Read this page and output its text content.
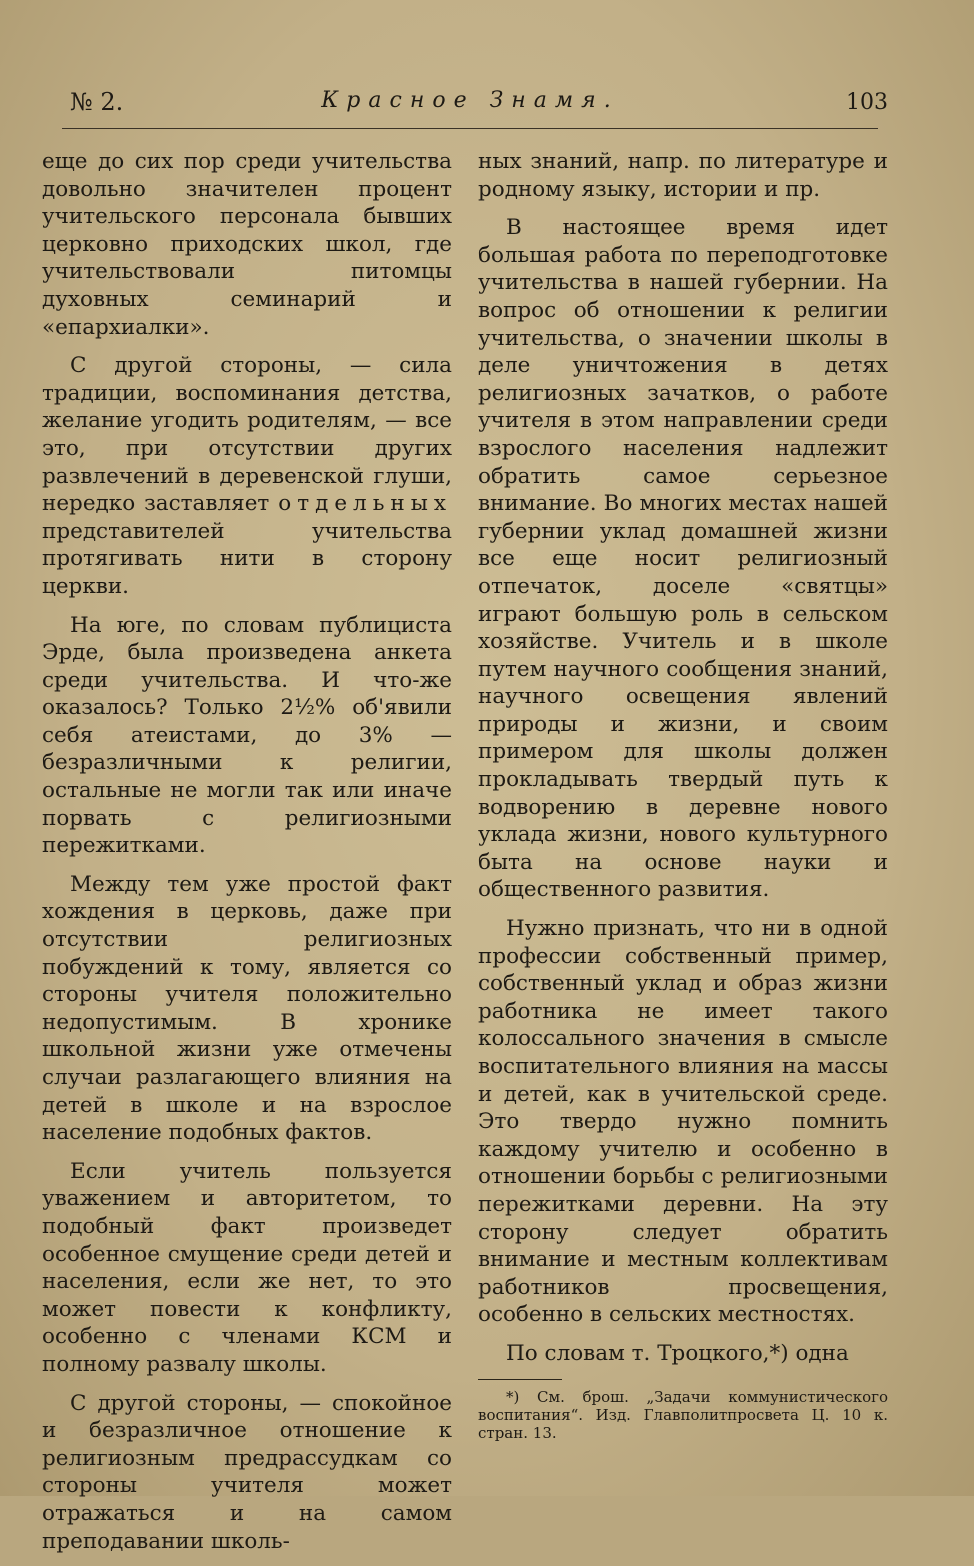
№ 2.	Красное Знамя.	103

еще до сих пор среди учительства довольно значителен процент учительского персонала бывших церковно приходских школ, где учительствовали питомцы духовных семинарий и «епархиалки».

С другой стороны, — сила традиции, воспоминания детства, желание угодить родителям, — все это, при отсутствии других развлечений в деревенской глуши, нередко заставляет отдельных представителей учительства протягивать нити в сторону церкви.

На юге, по словам публициста Эрде, была произведена анкета среди учительства. И что-же оказалось? Только 2½% об'явили себя атеистами, до 3% — безразличными к религии, остальные не могли так или иначе порвать с религиозными пережитками.

Между тем уже простой факт хождения в церковь, даже при отсутствии религиозных побуждений к тому, является со стороны учителя положительно недопустимым. В хронике школьной жизни уже отмечены случаи разлагающего влияния на детей в школе и на взрослое население подобных фактов.

Если учитель пользуется уважением и авторитетом, то подобный факт произведет особенное смущение среди детей и населения, если же нет, то это может повести к конфликту, особенно с членами КСМ и полному развалу школы.

С другой стороны, — спокойное и безразличное отношение к религиозным предрассудкам со стороны учителя может отражаться и на самом преподавании школь-

ных знаний, напр. по литературе и родному языку, истории и пр.

В настоящее время идет большая работа по переподготовке учительства в нашей губернии. На вопрос об отношении к религии учительства, о значении школы в деле уничтожения в детях религиозных зачатков, о работе учителя в этом направлении среди взрослого населения надлежит обратить самое серьезное внимание. Во многих местах нашей губернии уклад домашней жизни все еще носит религиозный отпечаток, доселе «святцы» играют большую роль в сельском хозяйстве. Учитель и в школе путем научного сообщения знаний, научного освещения явлений природы и жизни, и своим примером для школы должен прокладывать твердый путь к водворению в деревне нового уклада жизни, нового культурного быта на основе науки и общественного развития.

Нужно признать, что ни в одной профессии собственный пример, собственный уклад и образ жизни работника не имеет такого колоссального значения в смысле воспитательного влияния на массы и детей, как в учительской среде. Это твердо нужно помнить каждому учителю и особенно в отношении борьбы с религиозными пережитками деревни. На эту сторону следует обратить внимание и местным коллективам работников просвещения, особенно в сельских местностях.

По словам т. Троцкого,*) одна

*) См. брош. „Задачи коммунистического воспитания“. Изд. Главполитпросвета Ц. 10 к. стран. 13.
